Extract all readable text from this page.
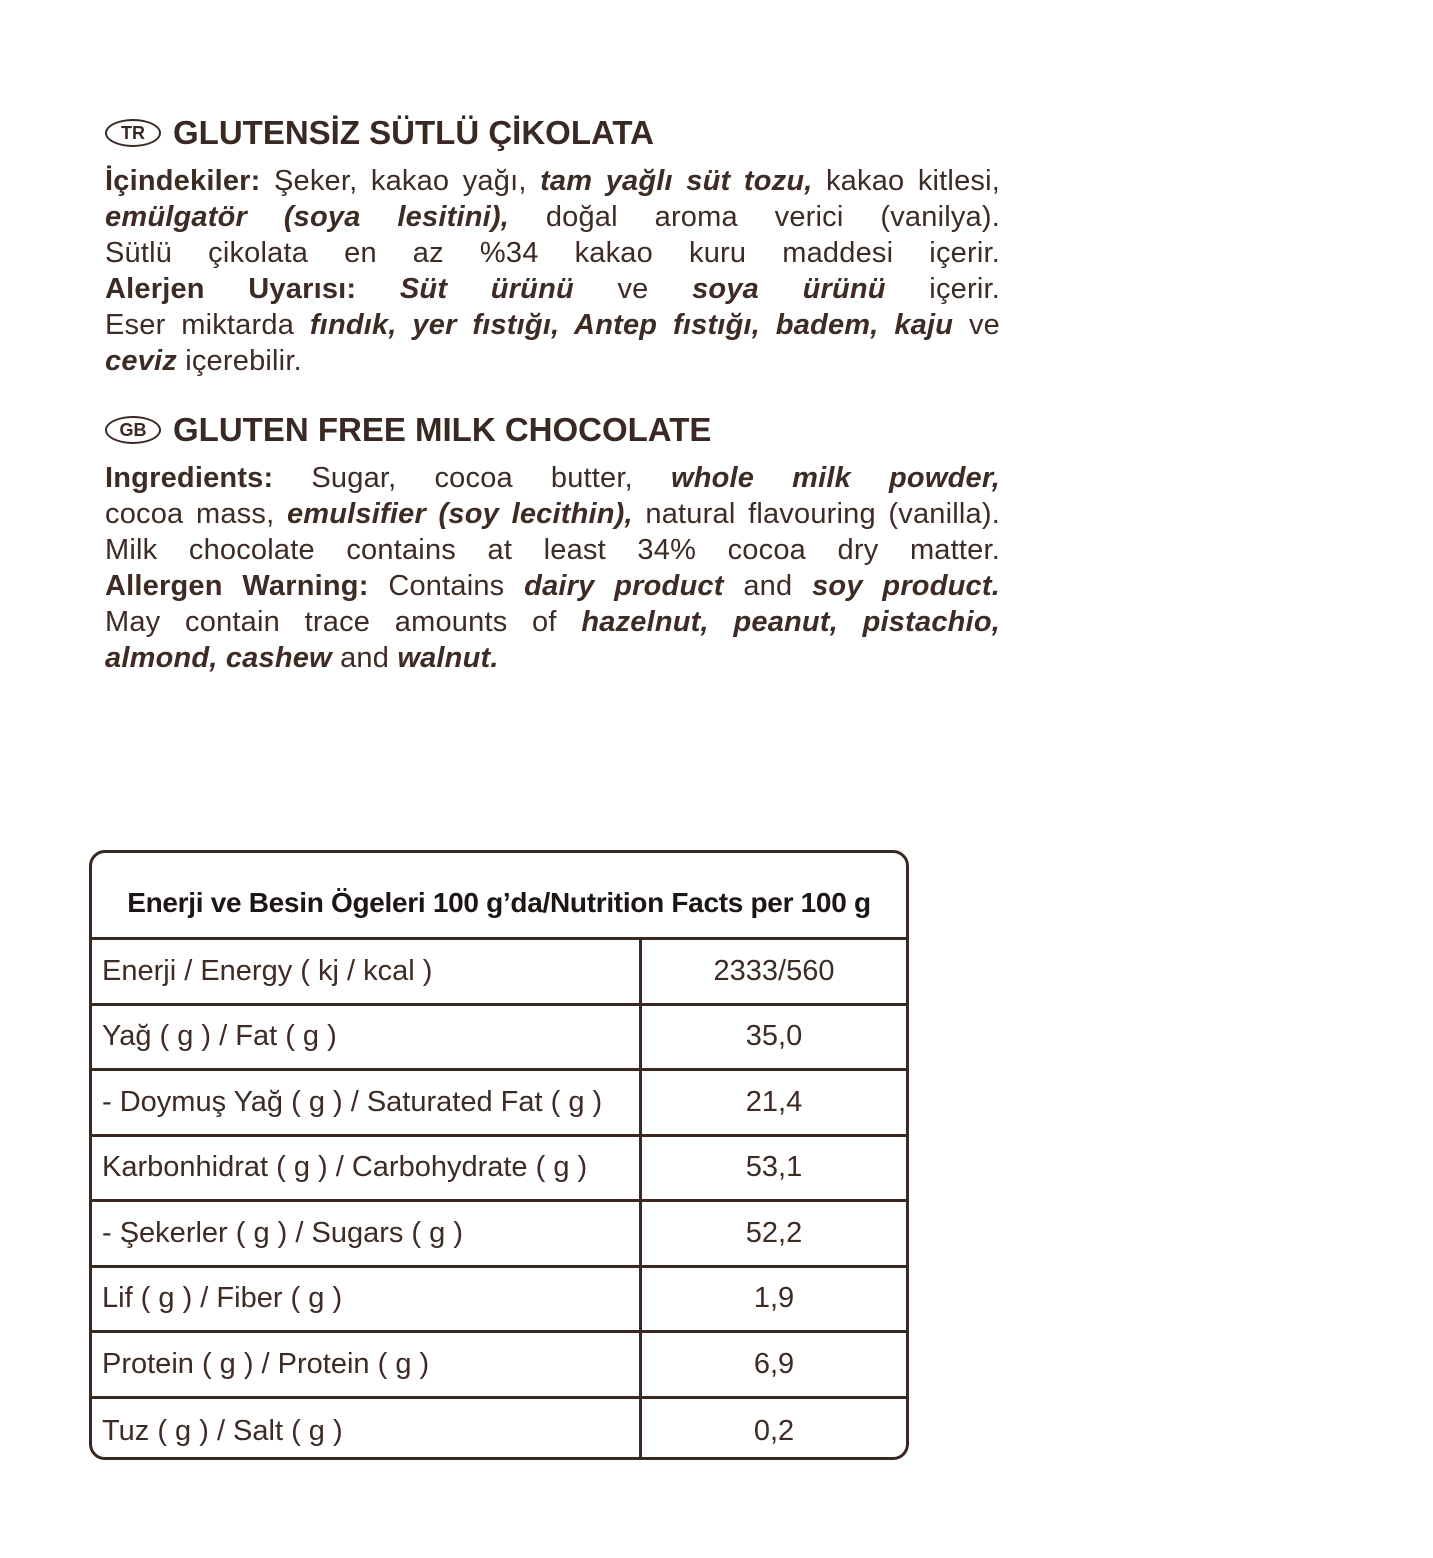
TR GLUTENSİZ SÜTLÜ ÇİKOLATA
İçindekiler: Şeker, kakao yağı, tam yağlı süt tozu, kakao kitlesi,
emülgatör (soya lesitini), doğal aroma verici (vanilya).
Sütlü çikolata en az %34 kakao kuru maddesi içerir.
Alerjen Uyarısı: Süt ürünü ve soya ürünü içerir.
Eser miktarda fındık, yer fıstığı, Antep fıstığı, badem, kaju ve
ceviz içerebilir.
GB GLUTEN FREE MILK CHOCOLATE
Ingredients: Sugar, cocoa butter, whole milk powder,
cocoa mass, emulsifier (soy lecithin), natural flavouring (vanilla).
Milk chocolate contains at least 34% cocoa dry matter.
Allergen Warning: Contains dairy product and soy product.
May contain trace amounts of hazelnut, peanut, pistachio,
almond, cashew and walnut.
Enerji ve Besin Ögeleri 100 g’da/Nutrition Facts per 100 g
Enerji / Energy ( kj / kcal )	2333/560
Yağ ( g ) / Fat ( g )	35,0
- Doymuş Yağ ( g ) / Saturated Fat ( g )	21,4
Karbonhidrat ( g ) / Carbohydrate ( g )	53,1
- Şekerler ( g ) / Sugars ( g )	52,2
Lif ( g ) / Fiber ( g )	1,9
Protein ( g ) / Protein ( g )	6,9
Tuz ( g ) / Salt ( g )	0,2
